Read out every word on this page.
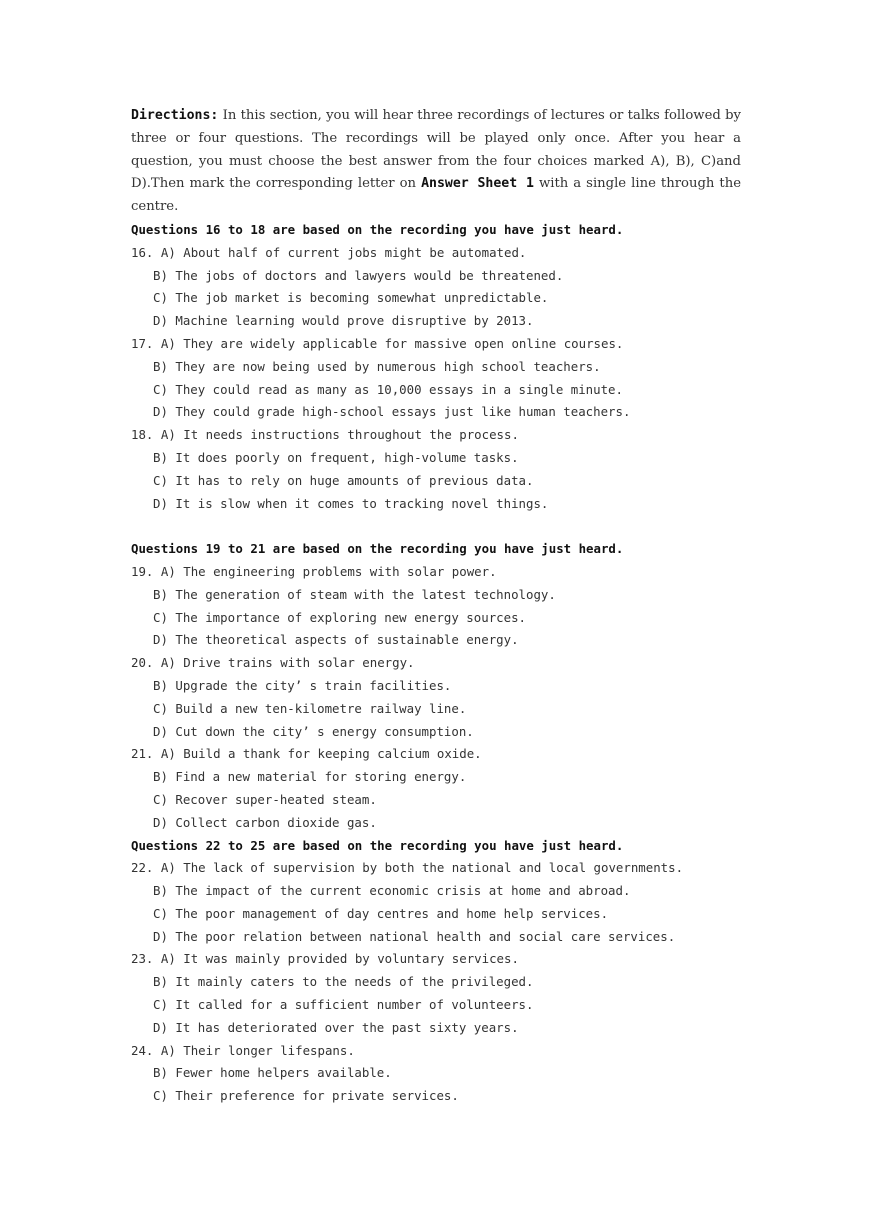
Directions: In this section, you will hear three recordings of lectures or talks followed by three or four questions. The recordings will be played only once. After you hear a question, you must choose the best answer from the four choices marked A), B), C)and D).Then mark the corresponding letter on Answer Sheet 1 with a single line through the centre.

Questions 16 to 18 are based on the recording you have just heard.

16. A) About half of current jobs might be automated.
B) The jobs of doctors and lawyers would be threatened.
C) The job market is becoming somewhat unpredictable.
D) Machine learning would prove disruptive by 2013.
17. A) They are widely applicable for massive open online courses.
B) They are now being used by numerous high school teachers.
C) They could read as many as 10,000 essays in a single minute.
D) They could grade high-school essays just like human teachers.
18. A) It needs instructions throughout the process.
B) It does poorly on frequent, high-volume tasks.
C) It has to rely on huge amounts of previous data.
D) It is slow when it comes to tracking novel things.

Questions 19 to 21 are based on the recording you have just heard.

19. A) The engineering problems with solar power.
B) The generation of steam with the latest technology.
C) The importance of exploring new energy sources.
D) The theoretical aspects of sustainable energy.
20. A) Drive trains with solar energy.
B) Upgrade the city’ s train facilities.
C) Build a new ten-kilometre railway line.
D) Cut down the city’ s energy consumption.
21. A) Build a thank for keeping calcium oxide.
B) Find a new material for storing energy.
C) Recover super-heated steam.
D) Collect carbon dioxide gas.

Questions 22 to 25 are based on the recording you have just heard.

22. A) The lack of supervision by both the national and local governments.
B) The impact of the current economic crisis at home and abroad.
C) The poor management of day centres and home help services.
D) The poor relation between national health and social care services.
23. A) It was mainly provided by voluntary services.
B) It mainly caters to the needs of the privileged.
C) It called for a sufficient number of volunteers.
D) It has deteriorated over the past sixty years.
24. A) Their longer lifespans.
B) Fewer home helpers available.
C) Their preference for private services.
